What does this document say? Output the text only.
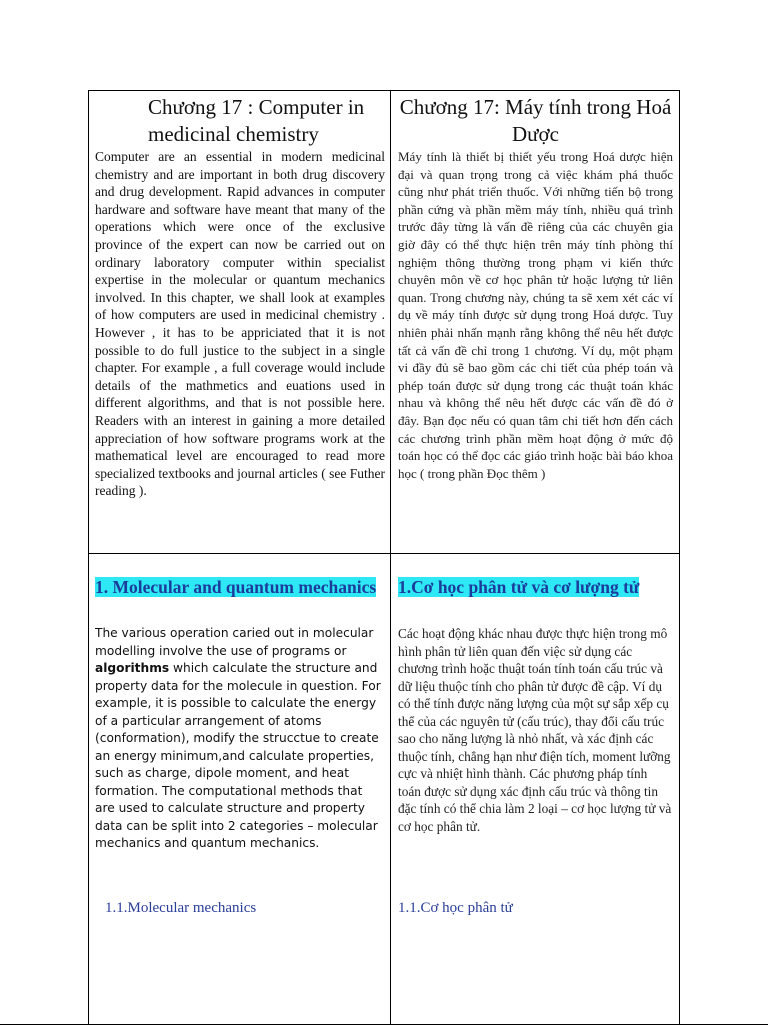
Chương 17 : Computer in medicinal chemistry
Chương 17: Máy tính trong Hoá Dược
Computer are an essential in modern medicinal chemistry and are important in both drug discovery and drug development. Rapid advances in computer hardware and software have meant that many of the operations which were once of the exclusive province of the expert can now be carried out on ordinary laboratory computer within specialist expertise in the molecular or quantum mechanics involved. In this chapter, we shall look at examples of how computers are used in medicinal chemistry . However , it has to be appriciated that it is not possible to do full justice to the subject in a single chapter. For example , a full coverage would include details of the mathmetics and euations used in different algorithms, and that is not possible here. Readers with an interest in gaining a more detailed appreciation of how software programs work at the mathematical level are encouraged to read more specialized textbooks and journal articles ( see Futher reading ).
Máy tính là thiết bị thiết yếu trong Hoá dược hiện đại và quan trọng trong cả việc khám phá thuốc cũng như phát triển thuốc. Với những tiến bộ trong phần cứng và phần mềm máy tính, nhiều quá trình trước đây từng là vấn đề riêng của các chuyên gia giờ đây có thể thực hiện trên máy tính phòng thí nghiệm thông thường trong phạm vi kiến thức chuyên môn về cơ học phân tử hoặc lượng tử liên quan. Trong chương này, chúng ta sẽ xem xét các ví dụ về máy tính được sử dụng trong Hoá dược. Tuy nhiên phải nhấn mạnh rằng không thể nêu hết được tất cả vấn đề chỉ trong 1 chương. Ví dụ, một phạm vi đầy đủ sẽ bao gồm các chi tiết của phép toán và phép toán được sử dụng trong các thuật toán khác nhau và không thể nêu hết được các vấn đề đó ở đây. Bạn đọc nếu có quan tâm chi tiết hơn đến cách các chương trình phần mềm hoạt động ở mức độ toán học có thể đọc các giáo trình hoặc bài báo khoa học ( trong phần Đọc thêm )
1. Molecular and quantum mechanics	1.Cơ học phân tử và cơ lượng tử
The various operation caried out in molecular modelling involve the use of programs or algorithms which calculate the structure and property data for the molecule in question. For example, it is possible to calculate the energy of a particular arrangement of atoms (conformation), modify the strucctue to create an energy minimum,and calculate properties, such as charge, dipole moment, and heat formation. The computational methods that are used to calculate structure and property data can be split into 2 categories – molecular mechanics and quantum mechanics.
Các hoạt động khác nhau được thực hiện trong mô hình phân tử liên quan đến việc sử dụng các chương trình hoặc thuật toán tính toán cấu trúc và dữ liệu thuộc tính cho phân tử được đề cập. Ví dụ có thể tính được năng lượng của một sự sắp xếp cụ thể của các nguyên tử (cấu trúc), thay đổi cấu trúc sao cho năng lượng là nhỏ nhất, và xác định các thuộc tính, chẳng hạn như điện tích, moment lưỡng cực và nhiệt hình thành. Các phương pháp tính toán được sử dụng xác định cấu trúc và thông tin đặc tính có thể chia làm 2 loại – cơ học lượng tử và cơ học phân tử.
1.1.Molecular mechanics	1.1.Cơ học phân tử
